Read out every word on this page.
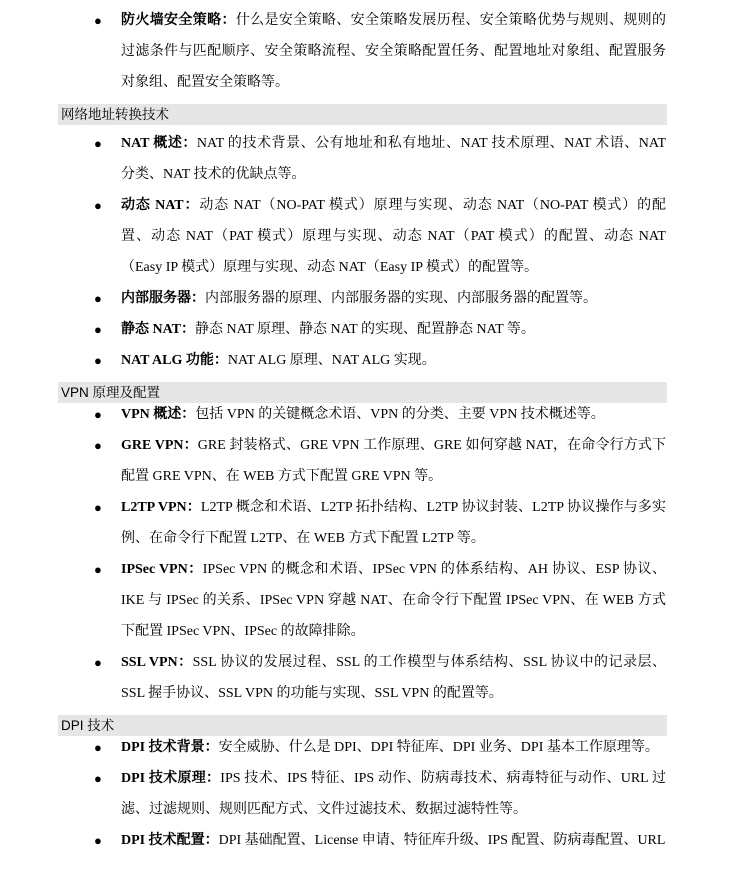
● 防火墙安全策略：什么是安全策略、安全策略发展历程、安全策略优势与规则、规则的过滤条件与匹配顺序、安全策略流程、安全策略配置任务、配置地址对象组、配置服务对象组、配置安全策略等。
网络地址转换技术
● NAT 概述：NAT 的技术背景、公有地址和私有地址、NAT 技术原理、NAT 术语、NAT 分类、NAT 技术的优缺点等。
● 动态 NAT：动态 NAT（NO-PAT 模式）原理与实现、动态 NAT（NO-PAT 模式）的配置、动态 NAT（PAT 模式）原理与实现、动态 NAT（PAT 模式）的配置、动态 NAT（Easy IP 模式）原理与实现、动态 NAT（Easy IP 模式）的配置等。
● 内部服务器：内部服务器的原理、内部服务器的实现、内部服务器的配置等。
● 静态 NAT：静态 NAT 原理、静态 NAT 的实现、配置静态 NAT 等。
● NAT ALG 功能：NAT ALG 原理、NAT ALG 实现。
VPN 原理及配置
● VPN 概述：包括 VPN 的关键概念术语、VPN 的分类、主要 VPN 技术概述等。
● GRE VPN：GRE 封装格式、GRE VPN 工作原理、GRE 如何穿越 NAT，在命令行方式下配置 GRE VPN、在 WEB 方式下配置 GRE VPN 等。
● L2TP VPN：L2TP 概念和术语、L2TP 拓扑结构、L2TP 协议封装、L2TP 协议操作与多实例、在命令行下配置 L2TP、在 WEB 方式下配置 L2TP 等。
● IPSec VPN：IPSec VPN 的概念和术语、IPSec VPN 的体系结构、AH 协议、ESP 协议、IKE 与 IPSec 的关系、IPSec VPN 穿越 NAT、在命令行下配置 IPSec VPN、在 WEB 方式下配置 IPSec VPN、IPSec 的故障排除。
● SSL VPN：SSL 协议的发展过程、SSL 的工作模型与体系结构、SSL 协议中的记录层、SSL 握手协议、SSL VPN 的功能与实现、SSL VPN 的配置等。
DPI 技术
● DPI 技术背景：安全威胁、什么是 DPI、DPI 特征库、DPI 业务、DPI 基本工作原理等。
● DPI 技术原理：IPS 技术、IPS 特征、IPS 动作、防病毒技术、病毒特征与动作、URL 过滤、过滤规则、规则匹配方式、文件过滤技术、数据过滤特性等。
● DPI 技术配置：DPI 基础配置、License 申请、特征库升级、IPS 配置、防病毒配置、URL
